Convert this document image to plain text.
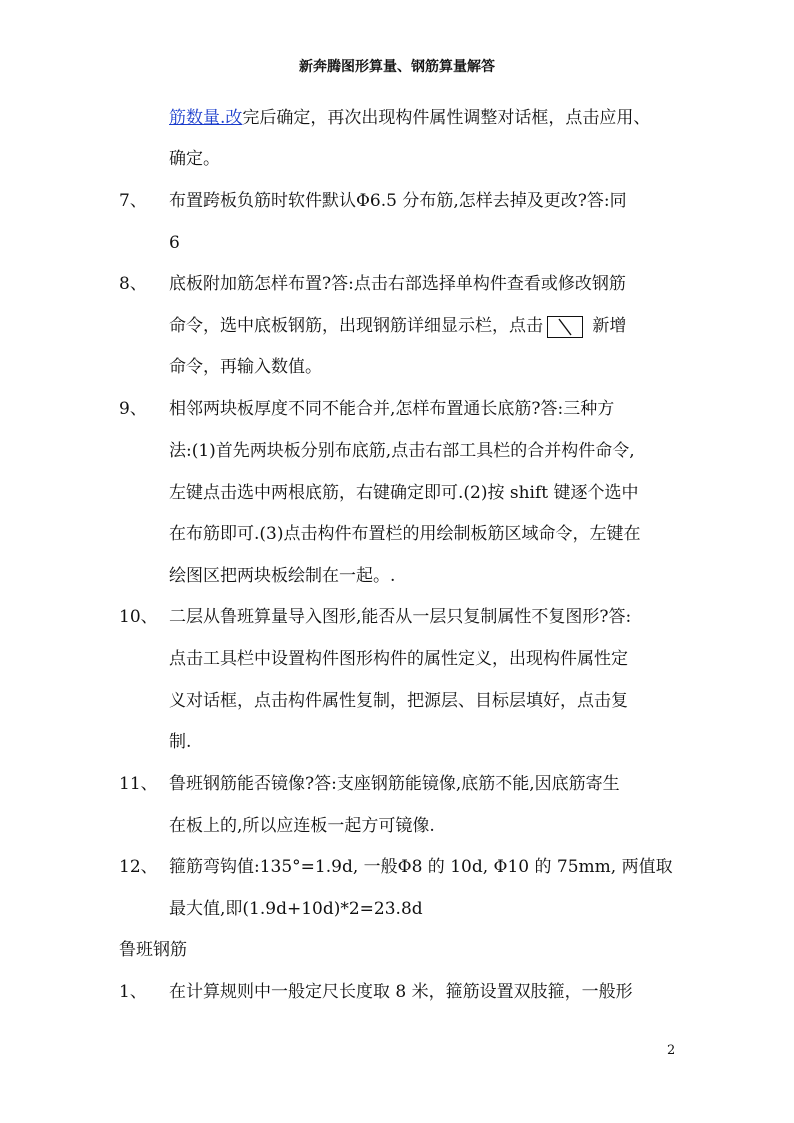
新奔腾图形算量、钢筋算量解答
筋数量.改完后确定，再次出现构件属性调整对话框，点击应用、
确定。
7、 布置跨板负筋时软件默认Φ6.5 分布筋,怎样去掉及更改?答:同
6
8、 底板附加筋怎样布置?答:点击右部选择单构件查看或修改钢筋
命令，选中底板钢筋，出现钢筋详细显示栏，点击	新增
命令，再输入数值。
9、 相邻两块板厚度不同不能合并,怎样布置通长底筋?答:三种方
法:(1)首先两块板分别布底筋,点击右部工具栏的合并构件命令,
左键点击选中两根底筋，右键确定即可.(2)按 shift 键逐个选中
在布筋即可.(3)点击构件布置栏的用绘制板筋区域命令，左键在
绘图区把两块板绘制在一起。.
10、 二层从鲁班算量导入图形,能否从一层只复制属性不复图形?答:
点击工具栏中设置构件图形构件的属性定义，出现构件属性定
义对话框，点击构件属性复制，把源层、目标层填好，点击复
制.
11、 鲁班钢筋能否镜像?答:支座钢筋能镜像,底筋不能,因底筋寄生
在板上的,所以应连板一起方可镜像.
12、 箍筋弯钩值:135°=1.9d, 一般Φ8 的 10d, Φ10 的 75mm, 两值取
最大值,即(1.9d+10d)*2=23.8d
鲁班钢筋
1、 在计算规则中一般定尺长度取 8 米，箍筋设置双肢箍，一般形
2
